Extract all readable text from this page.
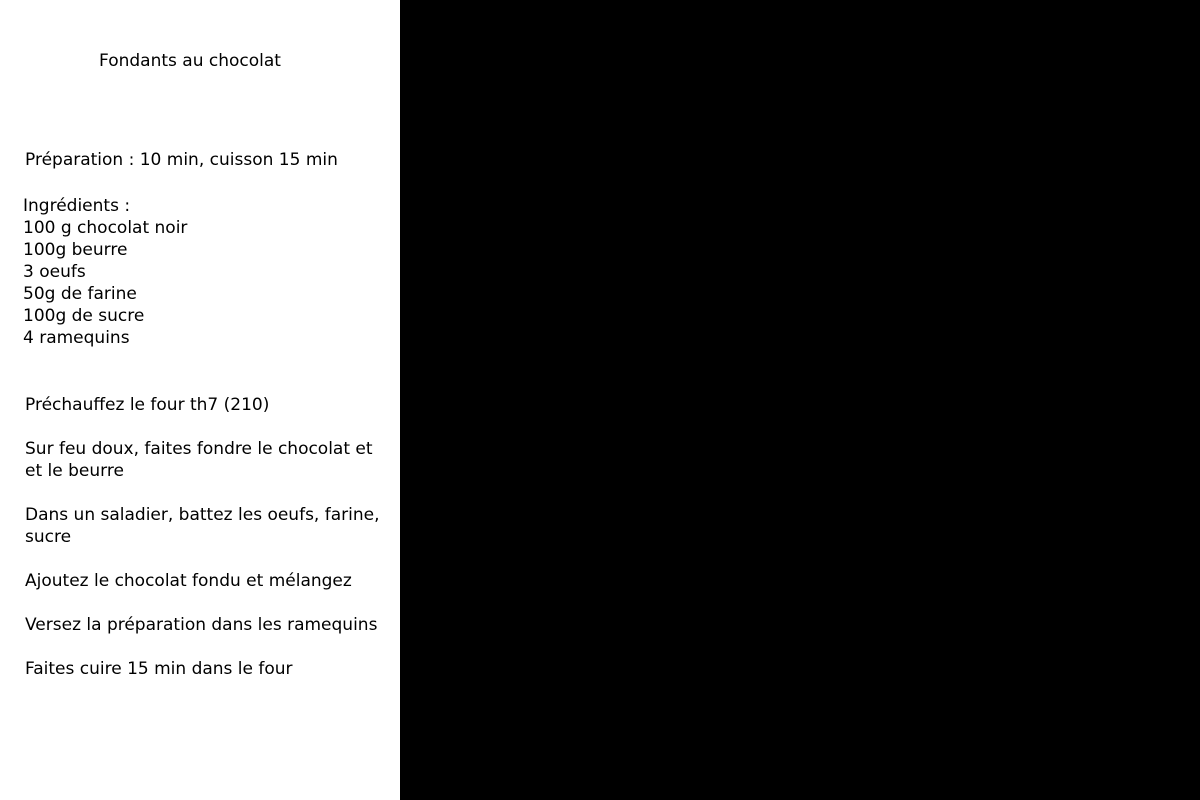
Fondants au chocolat
Préparation : 10 min, cuisson 15 min
Ingrédients :
100 g chocolat noir
100g beurre
3 oeufs
50g de farine
100g de sucre
4 ramequins
Préchauffez le four th7 (210)
Sur feu doux, faites fondre le chocolat et et le beurre
Dans un saladier, battez les oeufs, farine, sucre
Ajoutez le chocolat fondu et mélangez
Versez la préparation dans les ramequins
Faites cuire 15 min dans le four
